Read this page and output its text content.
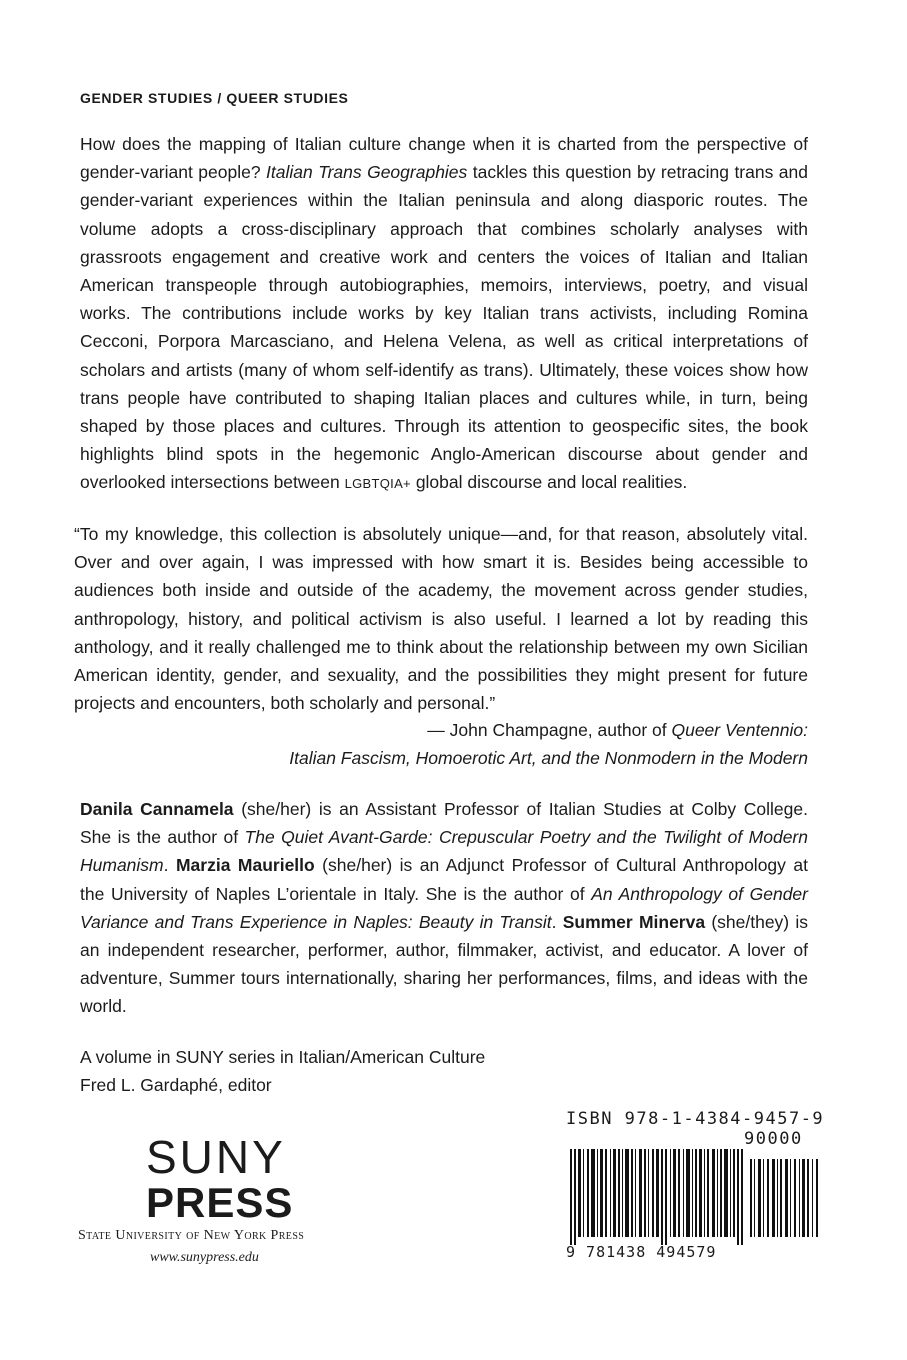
GENDER STUDIES / QUEER STUDIES
How does the mapping of Italian culture change when it is charted from the perspective of gender-variant people? Italian Trans Geographies tackles this question by retracing trans and gender-variant experiences within the Italian peninsula and along diasporic routes. The volume adopts a cross-disciplinary approach that combines scholarly analyses with grassroots engagement and creative work and centers the voices of Italian and Italian American transpeople through autobiographies, memoirs, interviews, poetry, and visual works. The contributions include works by key Italian trans activists, including Romina Cecconi, Porpora Marcasciano, and Helena Velena, as well as critical interpretations of scholars and artists (many of whom self-identify as trans). Ultimately, these voices show how trans people have contributed to shaping Italian places and cultures while, in turn, being shaped by those places and cultures. Through its attention to geospecific sites, the book highlights blind spots in the hegemonic Anglo-American discourse about gender and overlooked intersections between LGBTQIA+ global discourse and local realities.
“To my knowledge, this collection is absolutely unique—and, for that reason, absolutely vital. Over and over again, I was impressed with how smart it is. Besides being accessible to audiences both inside and outside of the academy, the movement across gender studies, anthropology, history, and political activism is also useful. I learned a lot by reading this anthology, and it really challenged me to think about the relationship between my own Sicilian American identity, gender, and sexuality, and the possibilities they might present for future projects and encounters, both scholarly and personal.”
— John Champagne, author of Queer Ventennio:
Italian Fascism, Homoerotic Art, and the Nonmodern in the Modern
Danila Cannamela (she/her) is an Assistant Professor of Italian Studies at Colby College. She is the author of The Quiet Avant-Garde: Crepuscular Poetry and the Twilight of Modern Humanism. Marzia Mauriello (she/her) is an Adjunct Professor of Cultural Anthropology at the University of Naples L’orientale in Italy. She is the author of An Anthropology of Gender Variance and Trans Experience in Naples: Beauty in Transit. Summer Minerva (she/they) is an independent researcher, performer, author, filmmaker, activist, and educator. A lover of adventure, Summer tours internationally, sharing her performances, films, and ideas with the world.
A volume in SUNY series in Italian/American Culture
Fred L. Gardaphé, editor
SUNY
PRESS
State University of New York Press
www.sunypress.edu
ISBN 978-1-4384-9457-9
90000
9 781438 494579
